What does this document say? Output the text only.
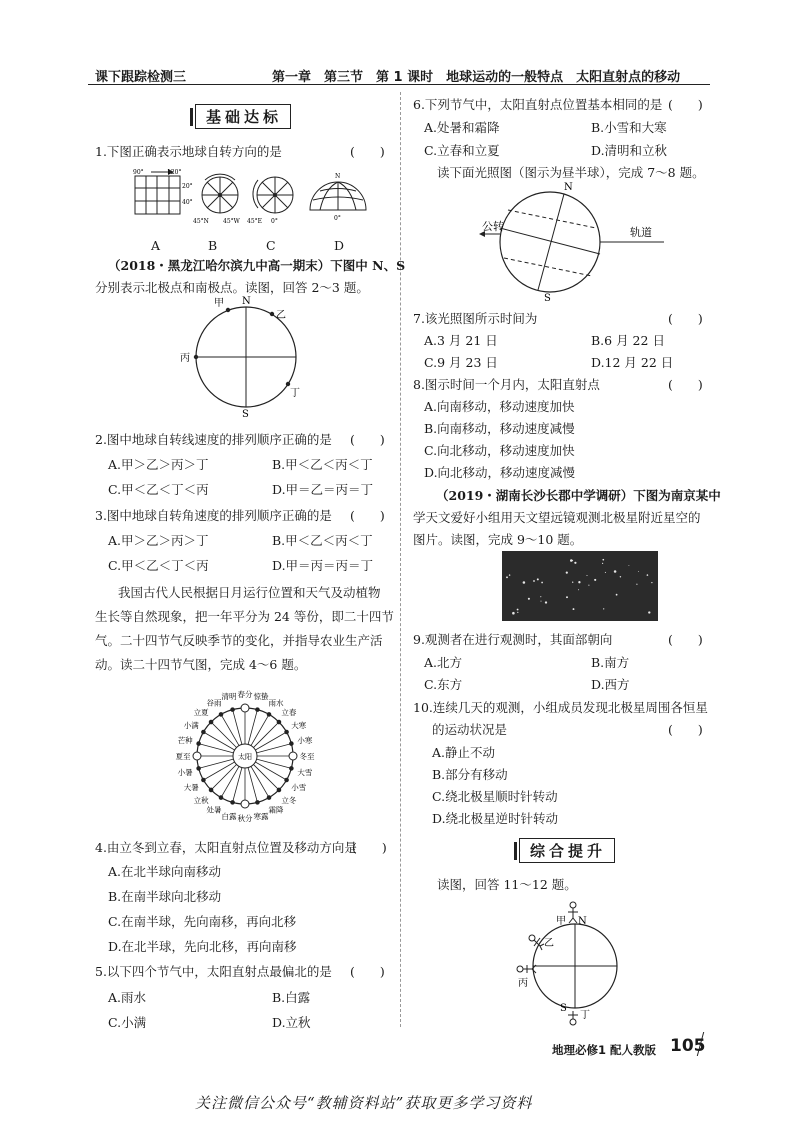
课下跟踪检测三	第一章　第三节　第 1 课时　地球运动的一般特点　太阳直射点的移动
基础达标
1.下图正确表示地球自转方向的是	(　　)
90°	120°
20°
40°
45°N 45°W	0°
45°E
N
0°
A	B	C	D
（2018・黑龙江哈尔滨九中高一期末）下图中 N、S
分别表示北极点和南极点。读图，回答 2～3 题。
甲 N
乙
丙
丁
S
2.图中地球自转线速度的排列顺序正确的是 (　　)
A.甲＞乙＞丙＞丁	B.甲＜乙＜丙＜丁
C.甲＜乙＜丁＜丙	D.甲＝乙＝丙＝丁
3.图中地球自转角速度的排列顺序正确的是 (　　)
A.甲＞乙＞丙＞丁	B.甲＜乙＜丙＜丁
C.甲＜乙＜丁＜丙	D.甲＝丙＝丙＝丁
我国古代人民根据日月运行位置和天气及动植物
生长等自然现象，把一年平分为 24 等份，即二十四节
气。二十四节气反映季节的变化，并指导农业生产活
动。读二十四节气图，完成 4～6 题。
春分 惊蛰
雨水
立春
大寒
小寒
冬至
大雪
小雪
立冬
霜降
寒露
秋分
白露
处暑
立秋
大暑
小暑
夏至
芒种
小满
立夏
谷雨
清明
太阳
4.由立冬到立春，太阳直射点位置及移动方向是
(　　)
A.在北半球向南移动
B.在南半球向北移动
C.在南半球，先向南移，再向北移
D.在北半球，先向北移，再向南移
5.以下四个节气中，太阳直射点最偏北的是 (　　)
A.雨水	B.白露
C.小满	D.立秋
6.下列节气中，太阳直射点位置基本相同的是 (　　)
A.处暑和霜降	B.小雪和大寒
C.立春和立夏	D.清明和立秋
读下面光照图（图示为昼半球），完成 7～8 题。
N
S
公转	轨道
7.该光照图所示时间为	(　　)
A.3 月 21 日	B.6 月 22 日
C.9 月 23 日	D.12 月 22 日
8.图示时间一个月内，太阳直射点	(　　)
A.向南移动，移动速度加快
B.向南移动，移动速度减慢
C.向北移动，移动速度加快
D.向北移动，移动速度减慢
（2019・湖南长沙长郡中学调研）下图为南京某中
学天文爱好小组用天文望远镜观测北极星附近星空的
图片。读图，完成 9～10 题。
9.观测者在进行观测时，其面部朝向	(　　)
A.北方	B.南方
C.东方	D.西方
10.连续几天的观测，小组成员发现北极星周围各恒星
的运动状况是	(　　)
A.静止不动
B.部分有移动
C.绕北极星顺时针转动
D.绕北极星逆时针转动
综合提升
读图，回答 11～12 题。
甲 N
乙
丙
S
丁
地理必修1 配人教版 105
关注微信公众号“教辅资料站”获取更多学习资料
